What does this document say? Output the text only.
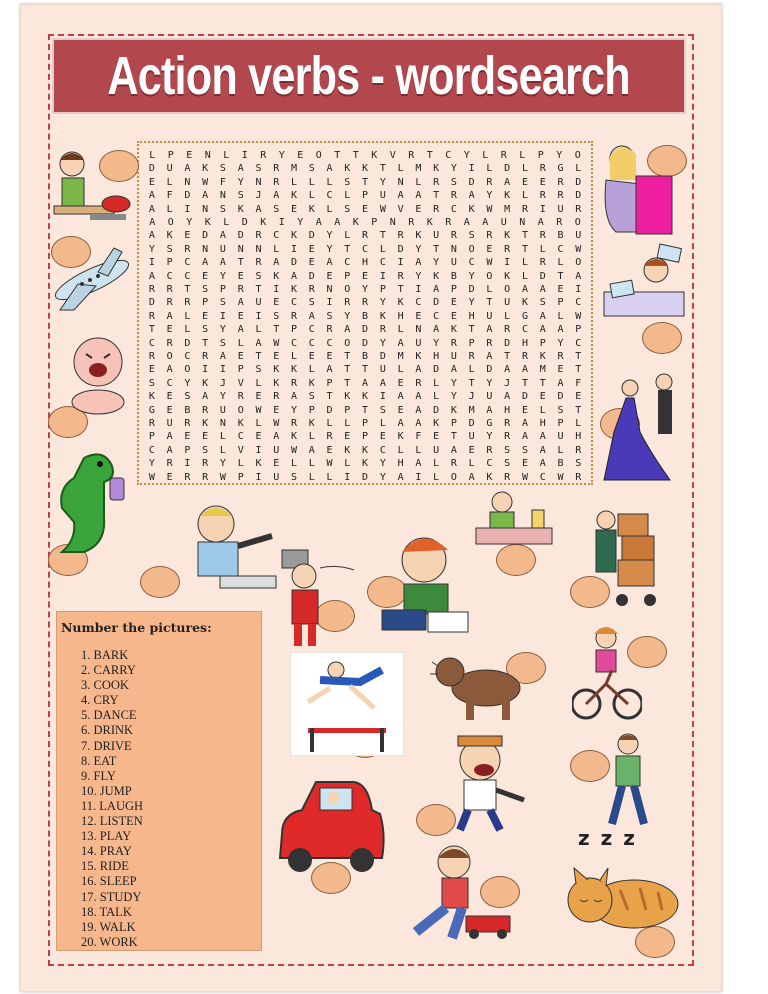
Action verbs - wordsearch
L	P	E	N	L	I	R	Y	E	O	T	T	K	V	R	T	C	Y	L	R	L	P	Y	O
D	U	A	K	S	A	S	R	M	S	A	K	K	T	L	M	K	Y	I	L	D	L	R	G	L
E	L	N	W	F	Y	N	R	L	L	L	S	T	Y	N	L	R	S	D	R	A	E	E	R	D
A	F	D	A	N	S	J	A	K	L	C	L	P	U	A	A	T	R	A	Y	K	L	R	R	D
A	L	I	N	S	K	A	S	E	K	L	S	E	W	V	E	R	C	K	W	M	R	I	U	R
A	O	Y	K	L	D	K	I	Y	A	A	K	P	N	R	K	R	A	A	U	N	A	R	O
A	K	E	D	A	D	R	C	K	D	Y	L	R	T	R	K	U	R	S	R	K	T	R	B	U
Y	S	R	N	U	N	N	L	I	E	Y	T	C	L	D	Y	T	N	O	E	R	T	L	C	W
I	P	C	A	A	T	R	A	D	E	A	C	H	C	I	A	Y	U	C	W	I	L	R	L	O
A	C	C	E	Y	E	S	K	A	D	E	P	E	I	R	Y	K	B	Y	O	K	L	D	T	A
R	R	T	S	P	R	T	I	K	R	N	O	Y	P	T	I	A	P	D	L	O	A	A	E	I
D	R	R	P	S	A	U	E	C	S	I	R	R	Y	K	C	D	E	Y	T	U	K	S	P	C
R	A	L	E	I	E	I	S	R	A	S	Y	B	K	H	E	C	E	H	U	L	G	A	L	W
T	E	L	S	Y	A	L	T	P	C	R	A	D	R	L	N	A	K	T	A	R	C	A	A	P
C	R	D	T	S	L	A	W	C	C	C	O	D	Y	A	U	Y	R	P	R	D	H	P	Y	C
R	O	C	R	A	E	T	E	L	E	E	T	B	D	M	K	H	U	R	A	T	R	K	R	T
E	A	O	I	I	P	S	K	K	L	A	T	T	U	L	A	D	A	L	D	A	A	M	E	T
S	C	Y	K	J	V	L	K	R	K	P	T	A	A	E	R	L	Y	T	Y	J	T	T	A	F
K	E	S	A	Y	R	E	R	A	S	T	K	K	I	A	A	L	Y	J	U	A	D	E	D	E
G	E	B	R	U	O	W	E	Y	P	D	P	T	S	E	A	D	K	M	A	H	E	L	S	T
R	U	R	K	N	K	L	W	R	K	L	L	P	L	A	A	K	P	D	G	R	A	H	P	L
P	A	E	E	L	C	E	A	K	L	R	E	P	E	K	F	E	T	U	Y	R	A	A	U	H
C	A	P	S	L	V	I	U	W	A	E	K	K	C	L	L	U	A	E	R	S	S	A	L	R
Y	R	I	R	Y	L	K	E	L	L	W	L	K	Y	H	A	L	R	L	C	S	E	A	B	S
W	E	R	R	W	P	I	U	S	L	L	I	D	Y	A	I	L	O	A	K	R	W	C	W	R
z z z
Number the pictures:
1. BARK
2. CARRY
3. COOK
4. CRY
5. DANCE
6. DRINK
7. DRIVE
8. EAT
9. FLY
10. JUMP
11. LAUGH
12. LISTEN
13. PLAY
14. PRAY
15. RIDE
16. SLEEP
17. STUDY
18. TALK
19. WALK
20. WORK
